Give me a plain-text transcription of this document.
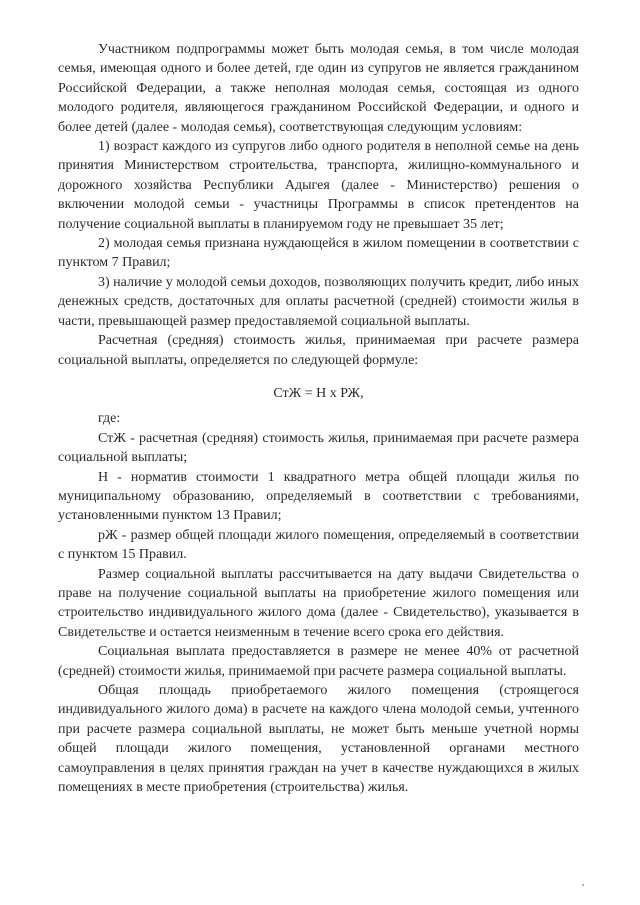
Участником подпрограммы может быть молодая семья, в том числе молодая семья, имеющая одного и более детей, где один из супругов не является гражданином Российской Федерации, а также неполная молодая семья, состоящая из одного молодого родителя, являющегося гражданином Российской Федерации, и одного и более детей (далее - молодая семья), соответствующая следующим условиям:

1) возраст каждого из супругов либо одного родителя в неполной семье на день принятия Министерством строительства, транспорта, жилищно-коммунального и дорожного хозяйства Республики Адыгея (далее - Министерство) решения о включении молодой семьи - участницы Программы в список претендентов на получение социальной выплаты в планируемом году не превышает 35 лет;

2) молодая семья признана нуждающейся в жилом помещении в соответствии с пунктом 7 Правил;

3) наличие у молодой семьи доходов, позволяющих получить кредит, либо иных денежных средств, достаточных для оплаты расчетной (средней) стоимости жилья в части, превышающей размер предоставляемой социальной выплаты.

Расчетная (средняя) стоимость жилья, принимаемая при расчете размера социальной выплаты, определяется по следующей формуле:

СтЖ = Н х РЖ,

где:

СтЖ - расчетная (средняя) стоимость жилья, принимаемая при расчете размера социальной выплаты;

Н - норматив стоимости 1 квадратного метра общей площади жилья по муниципальному образованию, определяемый в соответствии с требованиями, установленными пунктом 13 Правил;

рЖ - размер общей площади жилого помещения, определяемый в соответствии с пунктом 15 Правил.

Размер социальной выплаты рассчитывается на дату выдачи Свидетельства о праве на получение социальной выплаты на приобретение жилого помещения или строительство индивидуального жилого дома (далее - Свидетельство), указывается в Свидетельстве и остается неизменным в течение всего срока его действия.

Социальная выплата предоставляется в размере не менее 40% от расчетной (средней) стоимости жилья, принимаемой при расчете размера социальной выплаты.

Общая площадь приобретаемого жилого помещения (строящегося индивидуального жилого дома) в расчете на каждого члена молодой семьи, учтенного при расчете размера социальной выплаты, не может быть меньше учетной нормы общей площади жилого помещения, установленной органами местного самоуправления в целях принятия граждан на учет в качестве нуждающихся в жилых помещениях в месте приобретения (строительства) жилья.
